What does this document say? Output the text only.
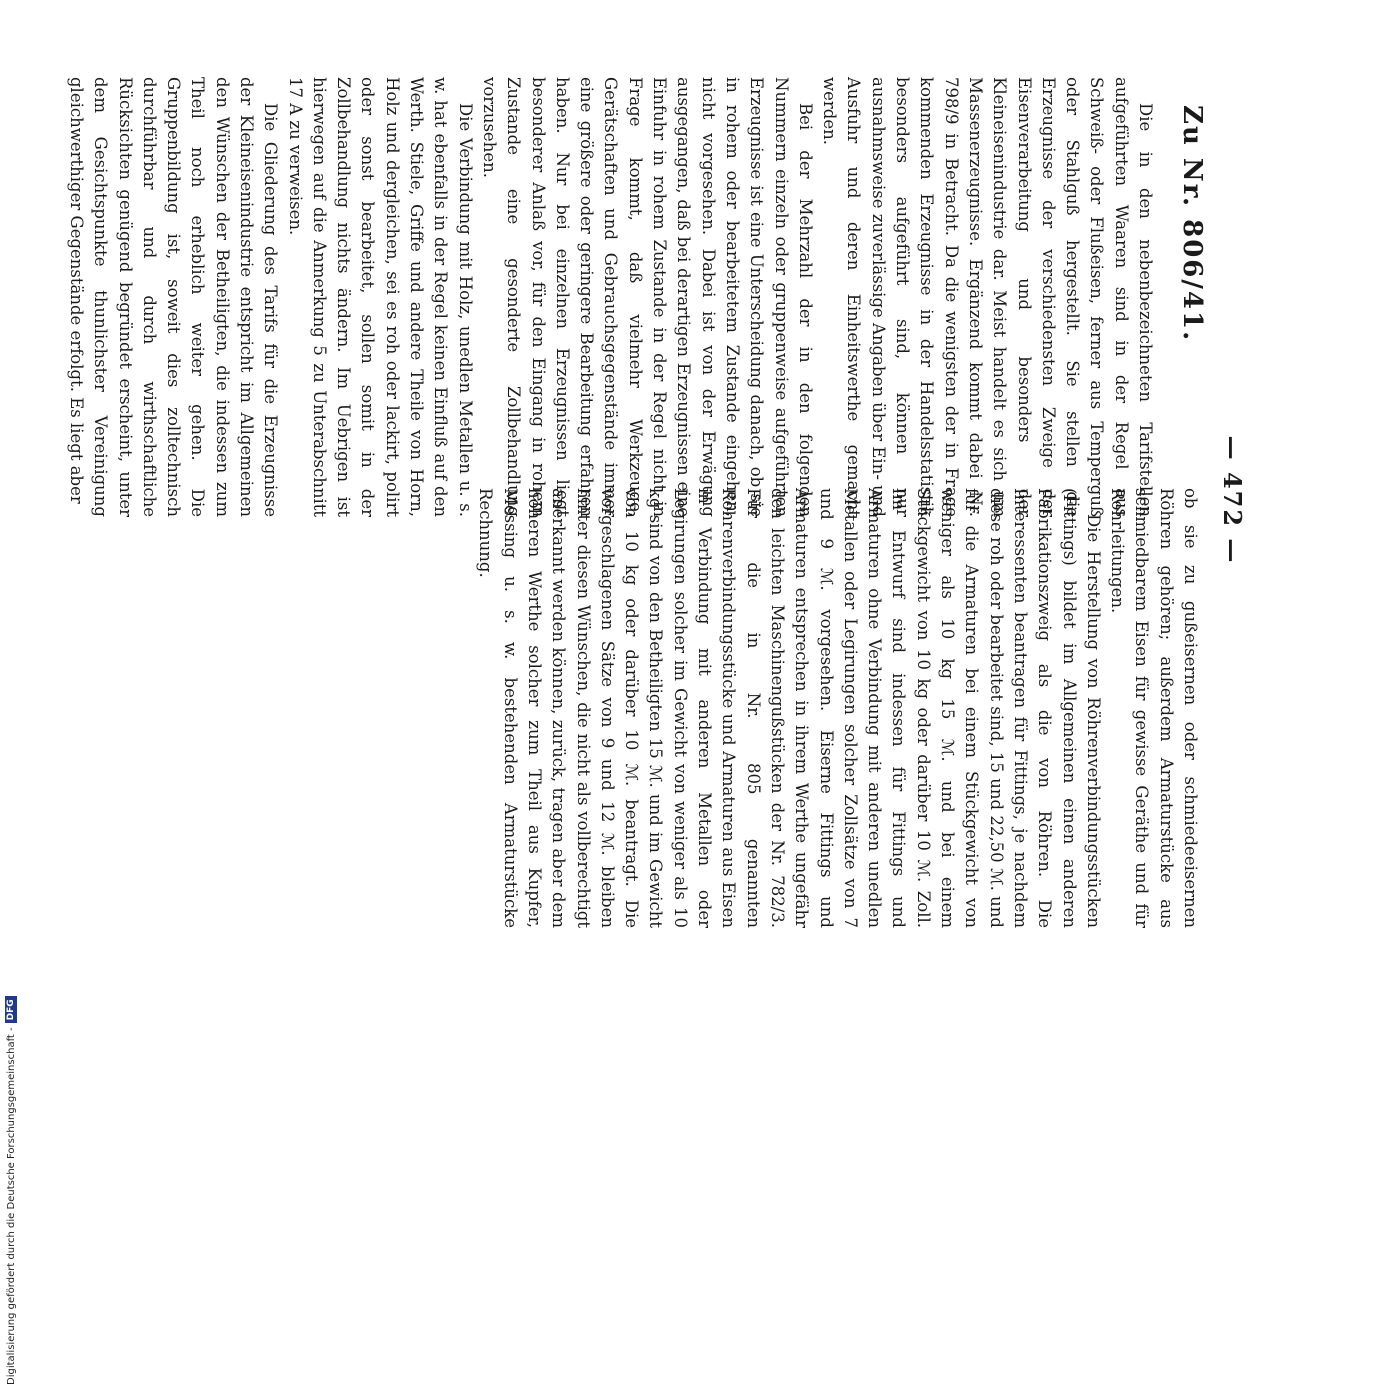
— 472 —

ob sie zu gußeisernen oder schmiedeeisernen Röhren gehören; außerdem Armaturstücke aus schmiedbarem Eisen für gewisse Geräthe und für Rohrleitungen.

Die Herstellung von Röhrenverbindungsstücken (Fittings) bildet im Allgemeinen einen anderen Fabrikationszweig als die von Röhren. Die Interessenten beantragen für Fittings, je nachdem diese roh oder bearbeitet sind, 15 und 22,50 ℳ. und für die Armaturen bei einem Stückgewicht von weniger als 10 kg 15 ℳ. und bei einem Stückgewicht von 10 kg oder darüber 10 ℳ. Zoll. Im Entwurf sind indessen für Fittings und Armaturen ohne Verbindung mit anderen unedlen Metallen oder Legirungen solcher Zollsätze von 7 und 9 ℳ. vorgesehen. Eiserne Fittings und Armaturen entsprechen in ihrem Werthe ungefähr den leichten Maschinengußstücken der Nr. 782/3. Für die in Nr. 805 genannten Röhrenverbindungsstücke und Armaturen aus Eisen in Verbindung mit anderen Metallen oder Legirungen solcher im Gewicht von weniger als 10 kg sind von den Betheiligten 15 ℳ. und im Gewicht von 10 kg oder darüber 10 ℳ. beantragt. Die vorgeschlagenen Sätze von 9 und 12 ℳ. bleiben hinter diesen Wünschen, die nicht als vollberechtigt anerkannt werden können, zurück, tragen aber dem höheren Werthe solcher zum Theil aus Kupfer, Messing u. s. w. bestehenden Armaturstücke Rechnung.

Zu Nr. 806/41.

Die in den nebenbezeichneten Tarifstellen aufgeführten Waaren sind in der Regel aus Schweiß- oder Flußeisen, ferner aus Temperguß oder Stahlguß hergestellt. Sie stellen die Erzeugnisse der verschiedensten Zweige der Eisenverarbeitung und besonders der Kleineisenindustrie dar. Meist handelt es sich um Massenerzeugnisse. Ergänzend kommt dabei Nr. 798/9 in Betracht. Da die wenigsten der in Frage kommenden Erzeugnisse in der Handelsstatistik besonders aufgeführt sind, können nur ausnahmsweise zuverlässige Angaben über Ein- und Ausfuhr und deren Einheitswerthe gemacht werden.

Bei der Mehrzahl der in den folgenden Nummern einzeln oder gruppenweise aufgeführten Erzeugnisse ist eine Unterscheidung danach, ob sie in rohem oder bearbeitetem Zustande eingehen, nicht vorgesehen. Dabei ist von der Erwägung ausgegangen, daß bei derartigen Erzeugnissen eine Einfuhr in rohem Zustande in der Regel nicht in Frage kommt, daß vielmehr Werkzeuge, Gerätschaften und Gebrauchsgegenstände immer eine größere oder geringere Bearbeitung erfahren haben. Nur bei einzelnen Erzeugnissen liegt besonderer Anlaß vor, für den Eingang in rohem Zustande eine gesonderte Zollbehandlung vorzusehen.

Die Verbindung mit Holz, unedlen Metallen u. s. w. hat ebenfalls in der Regel keinen Einfluß auf den Werth. Stiele, Griffe und andere Theile von Horn, Holz und dergleichen, sei es roh oder lackirt, polirt oder sonst bearbeitet, sollen somit in der Zollbehandlung nichts ändern. Im Uebrigen ist hierwegen auf die Anmerkung 5 zu Unterabschnitt 17 A zu verweisen.

Die Gliederung des Tarifs für die Erzeugnisse der Kleineisenindustrie entspricht im Allgemeinen den Wünschen der Betheiligten, die indessen zum Theil noch erheblich weiter gehen. Die Gruppenbildung ist, soweit dies zolltechnisch durchführbar und durch wirthschaftliche Rücksichten genügend begründet erscheint, unter dem Gesichtspunkte thunlichster Vereinigung gleichwerthiger Gegenstände erfolgt. Es liegt aber

Digitalisierung gefördert durch die Deutsche Forschungsgemeinschaft -
DFG
